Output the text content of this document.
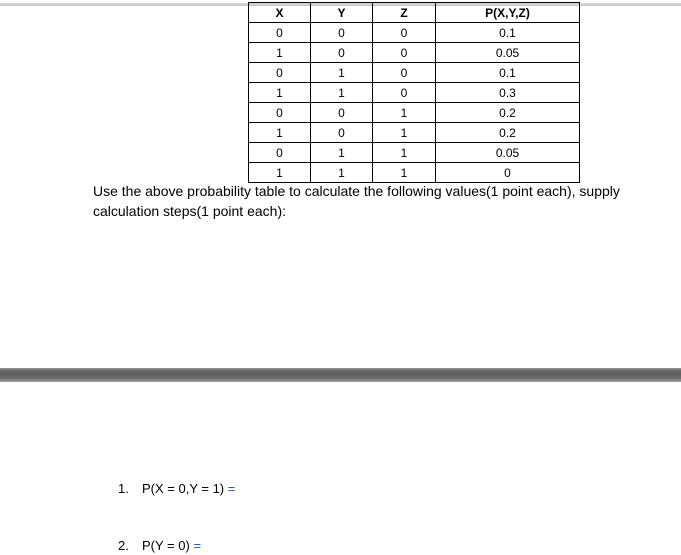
X	Y	Z	P(X,Y,Z)
0	0	0	0.1
1	0	0	0.05
0	1	0	0.1
1	1	0	0.3
0	0	1	0.2
1	0	1	0.2
0	1	1	0.05
1	1	1	0
Use the above probability table to calculate the following values(1 point each), supply calculation steps(1 point each):
1. P(X = 0,Y = 1) =
2. P(Y = 0) =
